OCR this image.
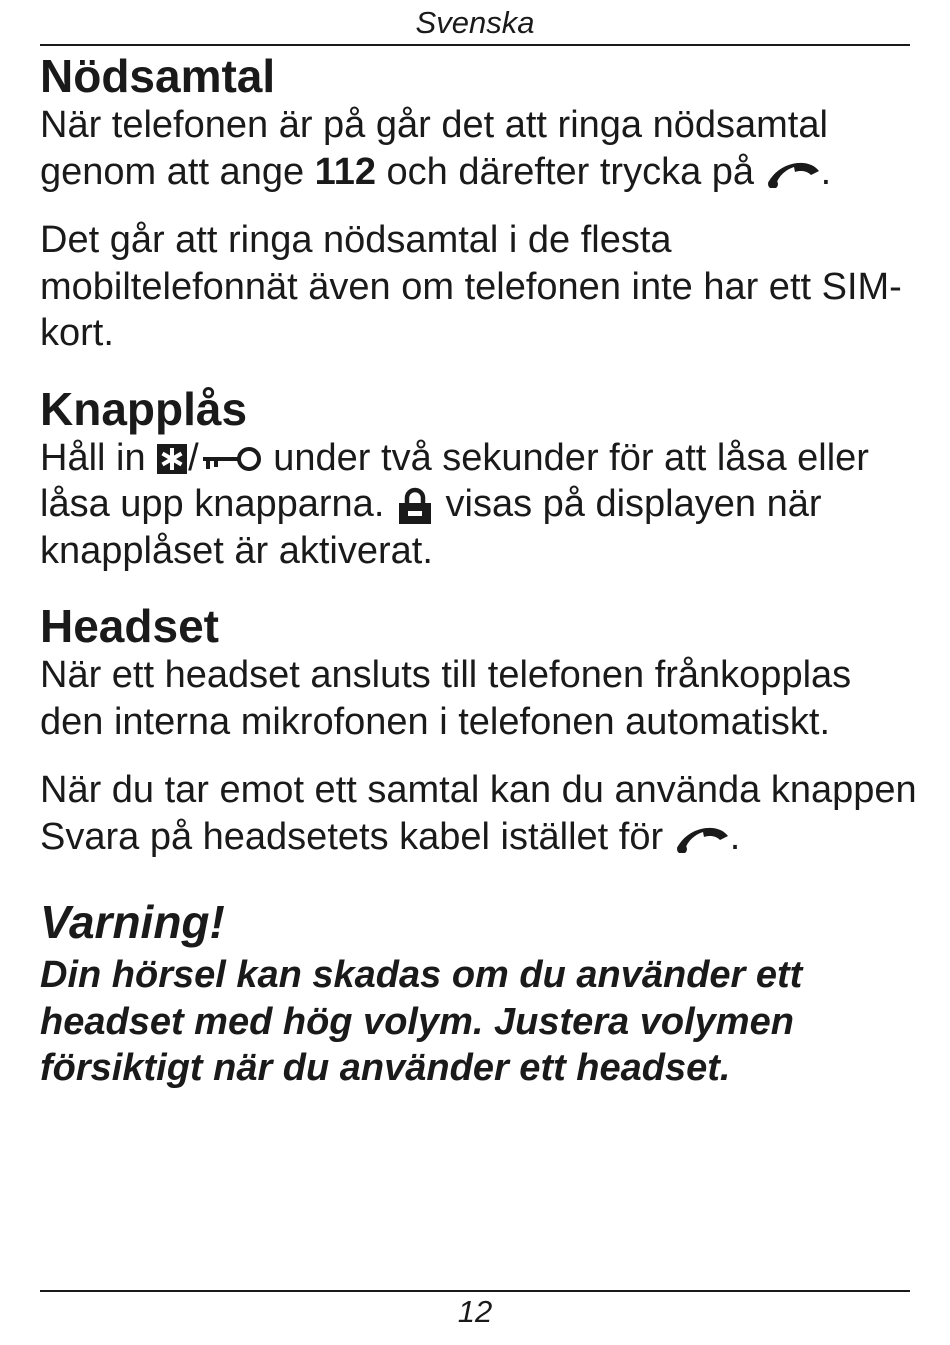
Svenska
Nödsamtal

När telefonen är på går det att ringa nödsamtal genom att ange 112 och därefter trycka på
.

Det går att ringa nödsamtal i de flesta mobiltelefonnät även om telefonen inte har ett SIM-kort.

Knapplås

Håll in
/
under två sekunder för att låsa eller låsa upp knapparna.
visas på displayen när knapplåset är aktiverat.

Headset

När ett headset ansluts till telefonen frånkopplas den interna mikrofonen i telefonen automatiskt.

När du tar emot ett samtal kan du använda knappen Svara på headsetets kabel istället för
.

Varning!

Din hörsel kan skadas om du använder ett headset med hög volym. Justera volymen försiktigt när du använder ett headset.

12
